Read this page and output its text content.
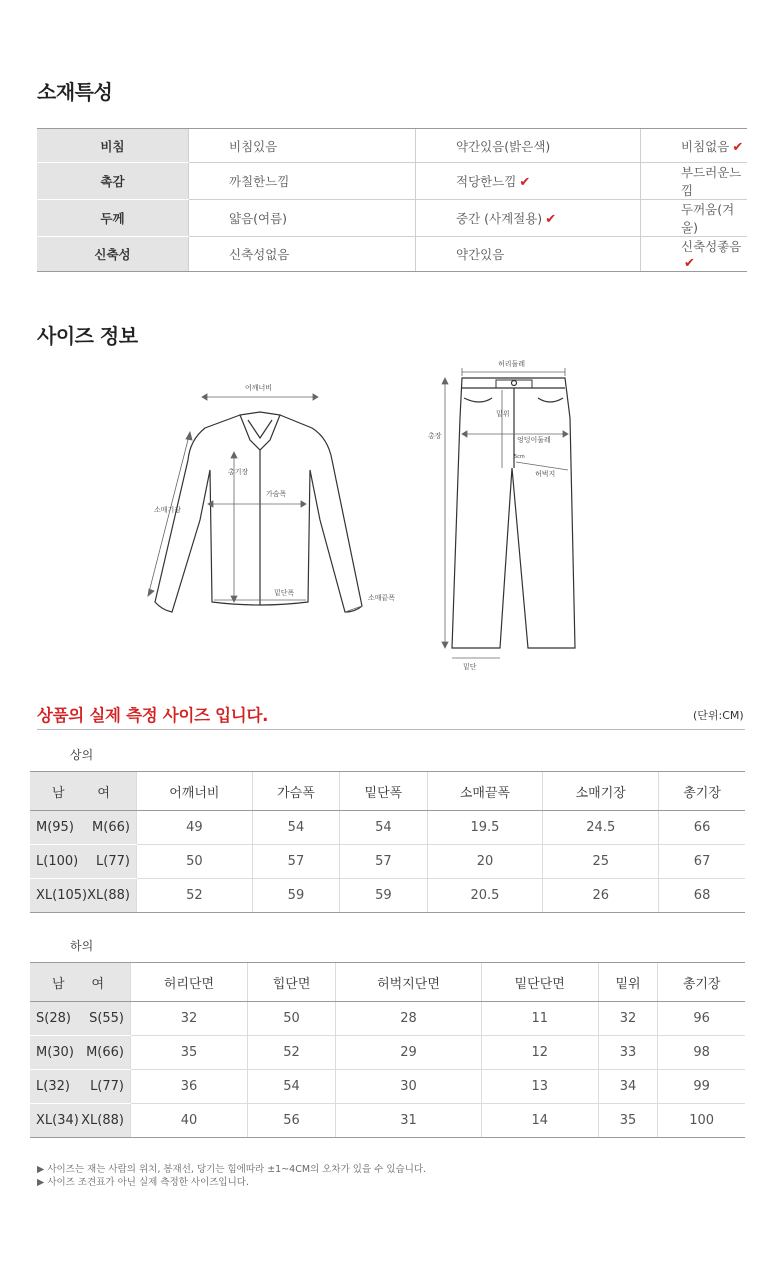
소재특성
비침	비침있음	약간있음(밝은색)	비침없음 ✔
촉감	까칠한느낌	적당한느낌 ✔	부드러운느낌
두께	얇음(여름)	중간 (사계절용) ✔	두꺼움(겨울)
신축성	신축성없음	약간있음	신축성좋음✔
사이즈 정보
어깨너비
총기장
가슴폭
소매기장
밑단폭
소매끝폭
허리둘레
총장
밑위
엉덩이둘레
5cm
허벅지
밑단
상품의 실제 측정 사이즈 입니다.	(단위:CM)
상의
남 여	어깨너비	가슴폭	밑단폭	소매끝폭	소매기장	총기장

M(95) M(66)	49	54	54	19.5	24.5	66

L(100) L(77)	50	57	57	20	25	67

XL(105) XL(88)	52	59	59	20.5	26	68
하의
남 여	허리단면	힙단면	허벅지단면	밑단단면	밑위	총기장

S(28) S(55)	32	50	28	11	32	96

M(30) M(66)	35	52	29	12	33	98

L(32) L(77)	36	54	30	13	34	99

XL(34) XL(88)	40	56	31	14	35	100
▶ 사이즈는 재는 사람의 위치, 봉재선, 당기는 힘에따라 ±1~4CM의 오차가 있을 수 있습니다.
▶ 사이즈 조견표가 아닌 실제 측정한 사이즈입니다.
